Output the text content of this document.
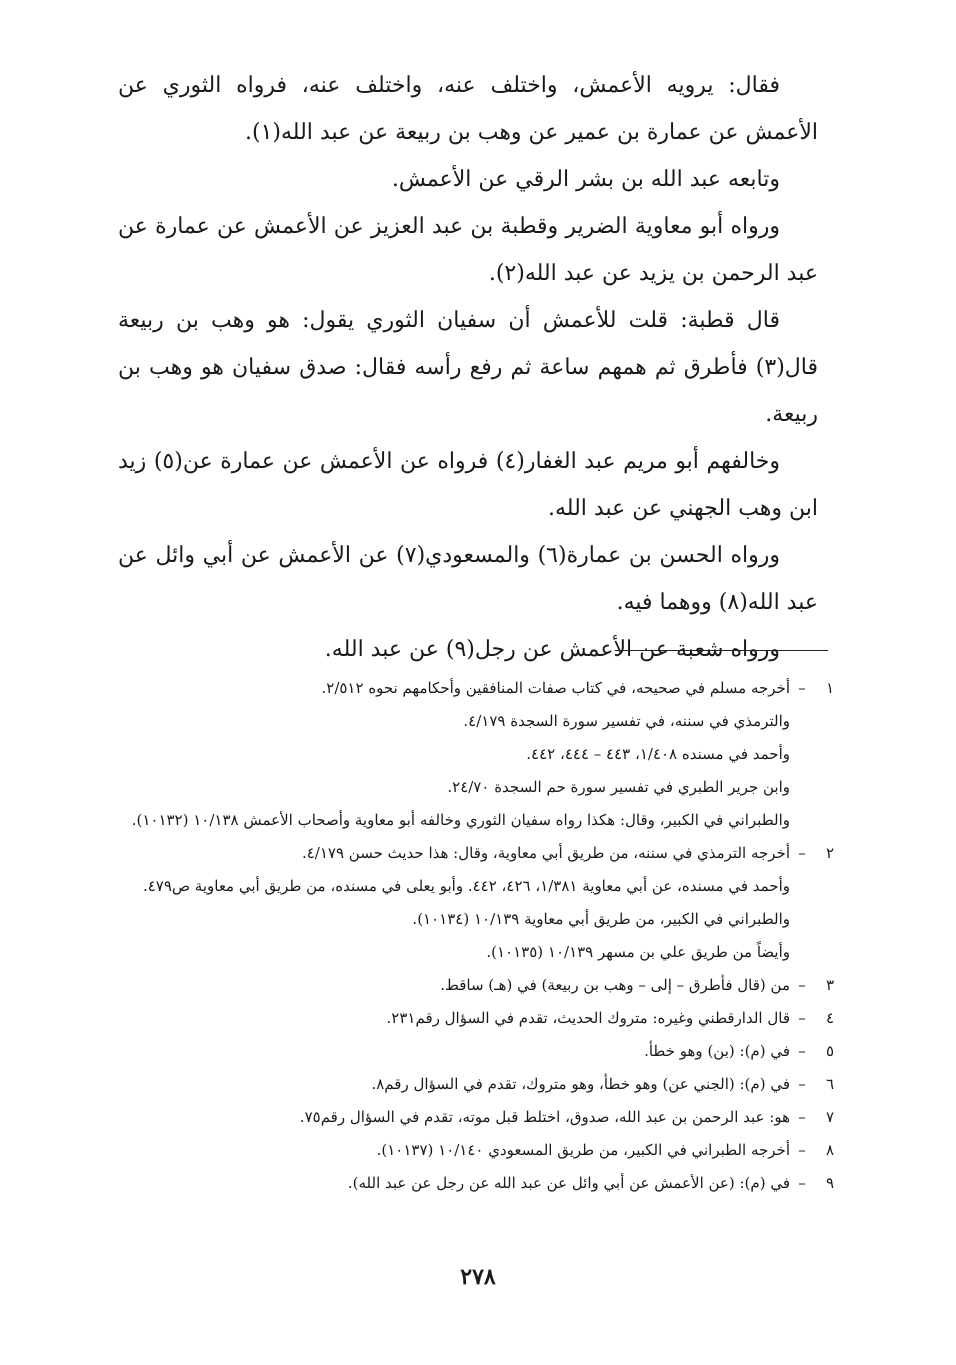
فقال: يرويه الأعمش، واختلف عنه، واختلف عنه، فرواه الثوري عن الأعمش عن عمارة بن عمير عن وهب بن ربيعة عن عبد الله(١).

وتابعه عبد الله بن بشر الرقي عن الأعمش.

ورواه أبو معاوية الضرير وقطبة بن عبد العزيز عن الأعمش عن عمارة عن عبد الرحمن بن يزيد عن عبد الله(٢).

قال قطبة: قلت للأعمش أن سفيان الثوري يقول: هو وهب بن ربيعة قال(٣) فأطرق ثم همهم ساعة ثم رفع رأسه فقال: صدق سفيان هو وهب بن ربيعة.

وخالفهم أبو مريم عبد الغفار(٤) فرواه عن الأعمش عن عمارة عن(٥) زيد ابن وهب الجهني عن عبد الله.

ورواه الحسن بن عمارة(٦) والمسعودي(٧) عن الأعمش عن أبي وائل عن عبد الله(٨) ووهما فيه.

ورواه شعبة عن الأعمش عن رجل(٩) عن عبد الله.

١
–
أخرجه مسلم في صحيحه، في كتاب صفات المنافقين وأحكامهم نحوه ٢/٥١٢.
والترمذي في سننه، في تفسير سورة السجدة ٤/١٧٩.
وأحمد في مسنده ١/٤٠٨، ٤٤٣ – ٤٤٤، ٤٤٢.
وابن جرير الطبري في تفسير سورة حم السجدة ٢٤/٧٠.
والطبراني في الكبير، وقال: هكذا رواه سفيان الثوري وخالفه أبو معاوية وأصحاب الأعمش ١٠/١٣٨ (١٠١٣٢).
٢
–
أخرجه الترمذي في سننه، من طريق أبي معاوية، وقال: هذا حديث حسن ٤/١٧٩.
وأحمد في مسنده، عن أبي معاوية ١/٣٨١، ٤٢٦، ٤٤٢. وأبو يعلى في مسنده، من طريق أبي معاوية ص٤٧٩.
والطبراني في الكبير، من طريق أبي معاوية ١٠/١٣٩ (١٠١٣٤).
وأيضاً من طريق علي بن مسهر ١٠/١٣٩ (١٠١٣٥).
٣
–
من (قال فأطرق – إلى – وهب بن ربيعة) في (هـ) ساقط.
٤
–
قال الدارقطني وغيره: متروك الحديث، تقدم في السؤال رقم٢٣١.
٥
–
في (م): (بن) وهو خطأ.
٦
–
في (م): (الجني عن) وهو خطأ، وهو متروك، تقدم في السؤال رقم٨.
٧
–
هو: عبد الرحمن بن عبد الله، صدوق، اختلط قبل موته، تقدم في السؤال رقم٧٥.
٨
–
أخرجه الطبراني في الكبير، من طريق المسعودي ١٠/١٤٠ (١٠١٣٧).
٩
–
في (م): (عن الأعمش عن أبي وائل عن عبد الله عن رجل عن عبد الله).
٢٧٨
